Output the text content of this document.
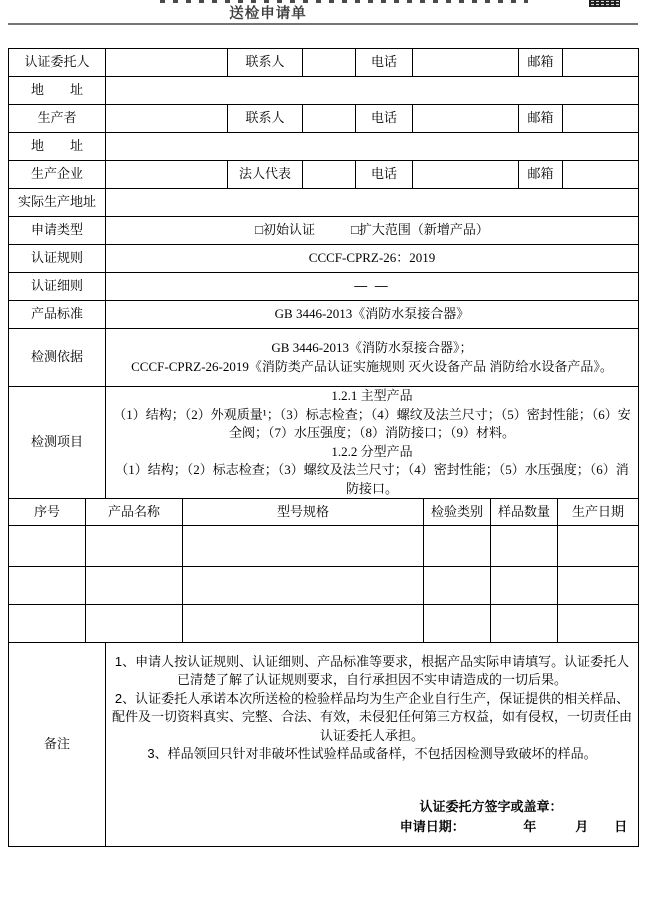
送检申请单
认证委托人		联系人		电话		邮箱	
地　　址							
生产者		联系人		电话		邮箱	
地　　址							
生产企业		法人代表		电话		邮箱	
实际生产地址							
申请类型	□初始认证 □扩大范围（新增产品）						
认证规则	CCCF-CPRZ-26：2019						
认证细则	— —						
产品标准	GB 3446-2013《消防水泵接合器》						
检测依据	GB 3446-2013《消防水泵接合器》；
CCCF-CPRZ-26-2019《消防类产品认证实施规则 灭火设备产品 消防给水设备产品》。						

检测项目	1.2.1 主型产品
（1）结构；（2）外观质量¹；（3）标志检查；（4）螺纹及法兰尺寸；（5）密封性能；（6）安全阀；（7）水压强度；（8）消防接口；（9）材料。
1.2.2 分型产品
（1）结构；（2）标志检查；（3）螺纹及法兰尺寸；（4）密封性能；（5）水压强度；（6）消防接口。						
序号	产品名称	型号规格	检验类别	样品数量	生产日期

备注	

1、申请人按认证规则、认证细则、产品标准等要求，根据产品实际申请填写。认证委托人已清楚了解了认证规则要求，自行承担因不实申请造成的一切后果。

2、认证委托人承诺本次所送检的检验样品均为生产企业自行生产，保证提供的相关样品、配件及一切资料真实、完整、合法、有效，未侵犯任何第三方权益，如有侵权，一切责任由认证委托人承担。

3、样品领回只针对非破坏性试验样品或备样，不包括因检测导致破坏的样品。

认证委托方签字或盖章：
申请日期：　　　　　年　　　月　　日
